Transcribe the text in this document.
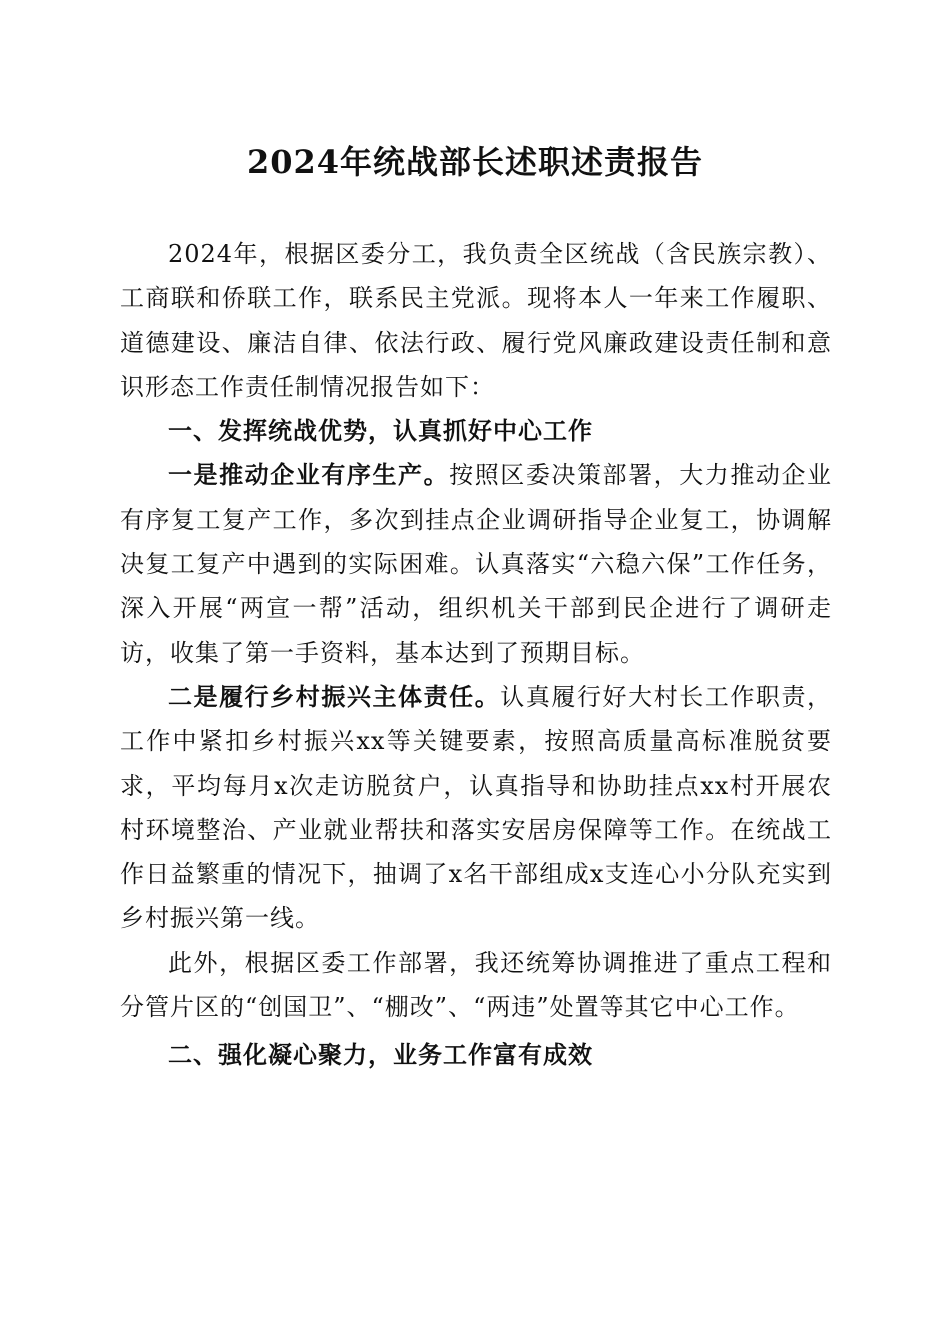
2024年统战部长述职述责报告

2024年，根据区委分工，我负责全区统战（含民族宗教）、工商联和侨联工作，联系民主党派。现将本人一年来工作履职、道德建设、廉洁自律、依法行政、履行党风廉政建设责任制和意识形态工作责任制情况报告如下：

一、发挥统战优势，认真抓好中心工作

一是推动企业有序生产。按照区委决策部署，大力推动企业有序复工复产工作，多次到挂点企业调研指导企业复工，协调解决复工复产中遇到的实际困难。认真落实“六稳六保”工作任务，深入开展“两宣一帮”活动，组织机关干部到民企进行了调研走访，收集了第一手资料，基本达到了预期目标。

二是履行乡村振兴主体责任。认真履行好大村长工作职责，工作中紧扣乡村振兴xx等关键要素，按照高质量高标准脱贫要求，平均每月x次走访脱贫户，认真指导和协助挂点xx村开展农村环境整治、产业就业帮扶和落实安居房保障等工作。在统战工作日益繁重的情况下，抽调了x名干部组成x支连心小分队充实到乡村振兴第一线。

此外，根据区委工作部署，我还统筹协调推进了重点工程和分管片区的“创国卫”、“棚改”、“两违”处置等其它中心工作。

二、强化凝心聚力，业务工作富有成效
